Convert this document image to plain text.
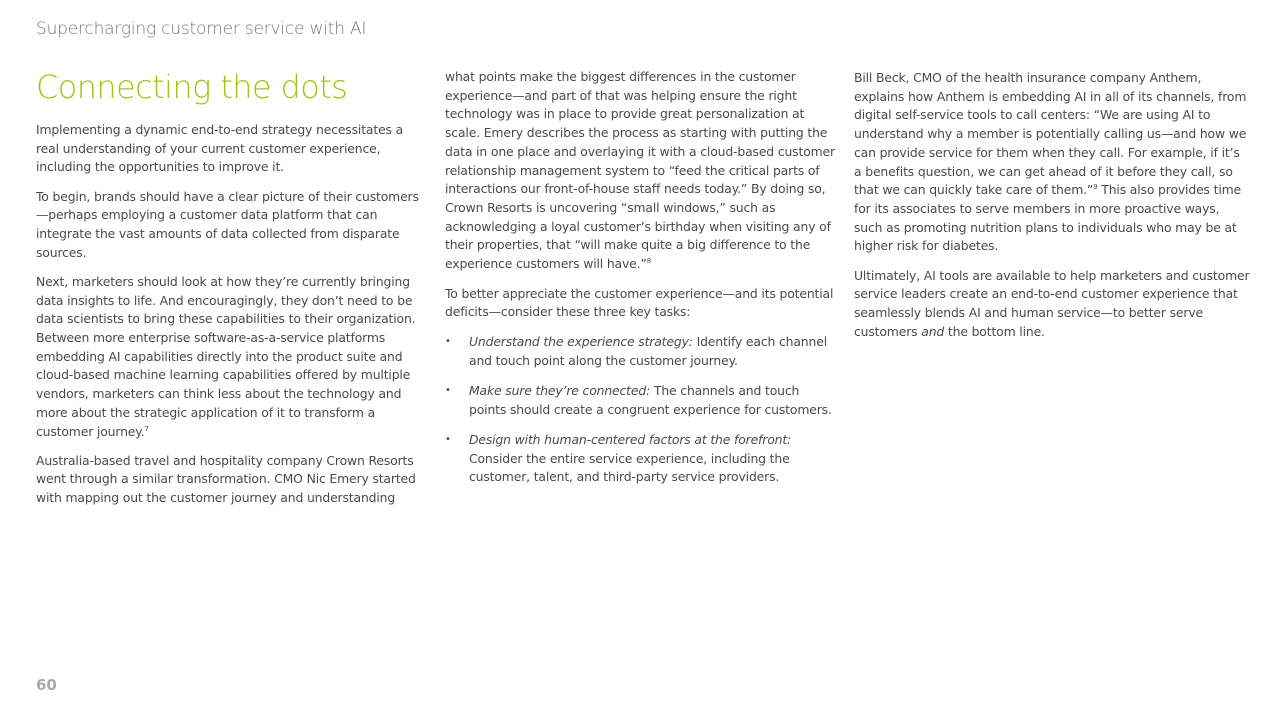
Supercharging customer service with AI
Connecting the dots

Implementing a dynamic end-to-end strategy necessitates a real understanding of your current customer experience, including the opportunities to improve it.

To begin, brands should have a clear picture of their customers—perhaps employing a customer data platform that can integrate the vast amounts of data collected from disparate sources.

Next, marketers should look at how they’re currently bringing data insights to life. And encouragingly, they don’t need to be data scientists to bring these capabilities to their organization. Between more enterprise software-as-a-service platforms embedding AI capabilities directly into the product suite and cloud-based machine learning capabilities offered by multiple vendors, marketers can think less about the technology and more about the strategic application of it to transform a customer journey.$^7$

Australia-based travel and hospitality company Crown Resorts went through a similar transformation. CMO Nic Emery started with mapping out the customer journey and understanding

what points make the biggest differences in the customer experience—and part of that was helping ensure the right technology was in place to provide great personalization at scale. Emery describes the process as starting with putting the data in one place and overlaying it with a cloud-based customer relationship management system to “feed the critical parts of interactions our front-of-house staff needs today.” By doing so, Crown Resorts is uncovering “small windows,” such as acknowledging a loyal customer’s birthday when visiting any of their properties, that “will make quite a big difference to the experience customers will have.”$^8$

To better appreciate the customer experience—and its potential deficits—consider these three key tasks:

• Understand the experience strategy: Identify each channel and touch point along the customer journey.
• Make sure they’re connected: The channels and touch points should create a congruent experience for customers.
• Design with human-centered factors at the forefront: Consider the entire service experience, including the customer, talent, and third-party service providers.

Bill Beck, CMO of the health insurance company Anthem, explains how Anthem is embedding AI in all of its channels, from digital self-service tools to call centers: “We are using AI to understand why a member is potentially calling us—and how we can provide service for them when they call. For example, if it’s a benefits question, we can get ahead of it before they call, so that we can quickly take care of them.”$^9$ This also provides time for its associates to serve members in more proactive ways, such as promoting nutrition plans to individuals who may be at higher risk for diabetes.

Ultimately, AI tools are available to help marketers and customer service leaders create an end-to-end customer experience that seamlessly blends AI and human service—to better serve customers and the bottom line.

60
